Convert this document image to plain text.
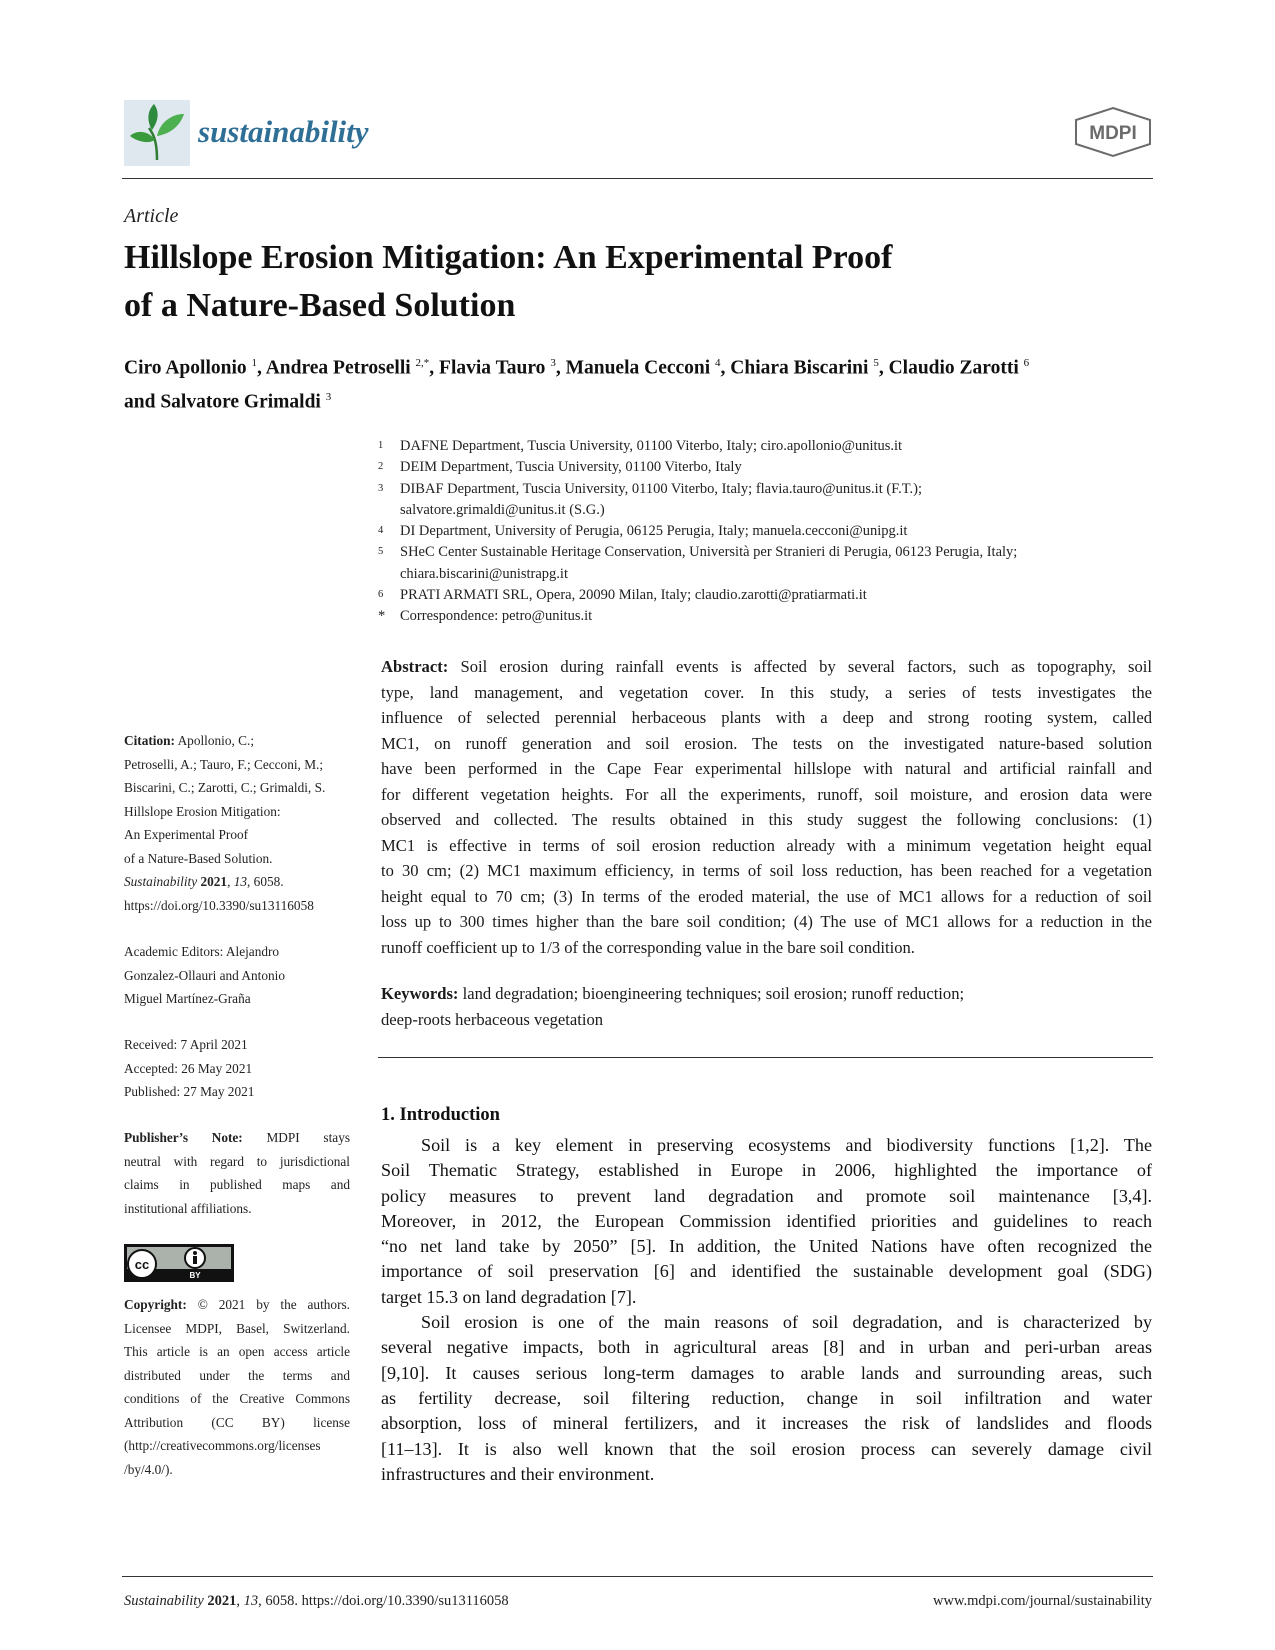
sustainability	MDPI
Article
Hillslope Erosion Mitigation: An Experimental Proof
of a Nature-Based Solution
Ciro Apollonio $^1$, Andrea Petroselli $^{2,*}$, Flavia Tauro $^3$, Manuela Cecconi $^4$, Chiara Biscarini $^5$, Claudio Zarotti $^6$
and Salvatore Grimaldi $^3$
1 DAFNE Department, Tuscia University, 01100 Viterbo, Italy; ciro.apollonio@unitus.it
2 DEIM Department, Tuscia University, 01100 Viterbo, Italy
3 DIBAF Department, Tuscia University, 01100 Viterbo, Italy; flavia.tauro@unitus.it (F.T.);
salvatore.grimaldi@unitus.it (S.G.)
4 DI Department, University of Perugia, 06125 Perugia, Italy; manuela.cecconi@unipg.it
5 SHeC Center Sustainable Heritage Conservation, Università per Stranieri di Perugia, 06123 Perugia, Italy;
chiara.biscarini@unistrapg.it
6 PRATI ARMATI SRL, Opera, 20090 Milan, Italy; claudio.zarotti@pratiarmati.it
* Correspondence: petro@unitus.it
Abstract: Soil erosion during rainfall events is affected by several factors, such as topography, soil
type, land management, and vegetation cover. In this study, a series of tests investigates the
influence of selected perennial herbaceous plants with a deep and strong rooting system, called
MC1, on runoff generation and soil erosion. The tests on the investigated nature-based solution
have been performed in the Cape Fear experimental hillslope with natural and artificial rainfall and
for different vegetation heights. For all the experiments, runoff, soil moisture, and erosion data were
observed and collected. The results obtained in this study suggest the following conclusions: (1)
MC1 is effective in terms of soil erosion reduction already with a minimum vegetation height equal
to 30 cm; (2) MC1 maximum efficiency, in terms of soil loss reduction, has been reached for a vegetation
height equal to 70 cm; (3) In terms of the eroded material, the use of MC1 allows for a reduction of soil
loss up to 300 times higher than the bare soil condition; (4) The use of MC1 allows for a reduction in the
runoff coefficient up to 1/3 of the corresponding value in the bare soil condition.
Keywords: land degradation; bioengineering techniques; soil erosion; runoff reduction;
deep-roots herbaceous vegetation
1. Introduction
Soil is a key element in preserving ecosystems and biodiversity functions [1,2]. The
Soil Thematic Strategy, established in Europe in 2006, highlighted the importance of
policy measures to prevent land degradation and promote soil maintenance [3,4].
Moreover, in 2012, the European Commission identified priorities and guidelines to reach
“no net land take by 2050” [5]. In addition, the United Nations have often recognized the
importance of soil preservation [6] and identified the sustainable development goal (SDG)
target 15.3 on land degradation [7].
Soil erosion is one of the main reasons of soil degradation, and is characterized by
several negative impacts, both in agricultural areas [8] and in urban and peri-urban areas
[9,10]. It causes serious long-term damages to arable lands and surrounding areas, such
as fertility decrease, soil filtering reduction, change in soil infiltration and water
absorption, loss of mineral fertilizers, and it increases the risk of landslides and floods
[11–13]. It is also well known that the soil erosion process can severely damage civil
infrastructures and their environment.
Citation: Apollonio, C.;
Petroselli, A.; Tauro, F.; Cecconi, M.;
Biscarini, C.; Zarotti, C.; Grimaldi, S.
Hillslope Erosion Mitigation:
An Experimental Proof
of a Nature-Based Solution.
Sustainability 2021, 13, 6058.
https://doi.org/10.3390/su13116058
Academic Editors: Alejandro
Gonzalez-Ollauri and Antonio
Miguel Martínez-Graña
Received: 7 April 2021
Accepted: 26 May 2021
Published: 27 May 2021
Publisher’s Note: MDPI stays
neutral with regard to jurisdictional
claims in published maps and
institutional affiliations.
cc
BY
Copyright: © 2021 by the authors.
Licensee MDPI, Basel, Switzerland.
This article is an open access article
distributed under the terms and
conditions of the Creative Commons
Attribution (CC BY) license
(http://creativecommons.org/licenses
/by/4.0/).
Sustainability 2021, 13, 6058. https://doi.org/10.3390/su13116058	www.mdpi.com/journal/sustainability
